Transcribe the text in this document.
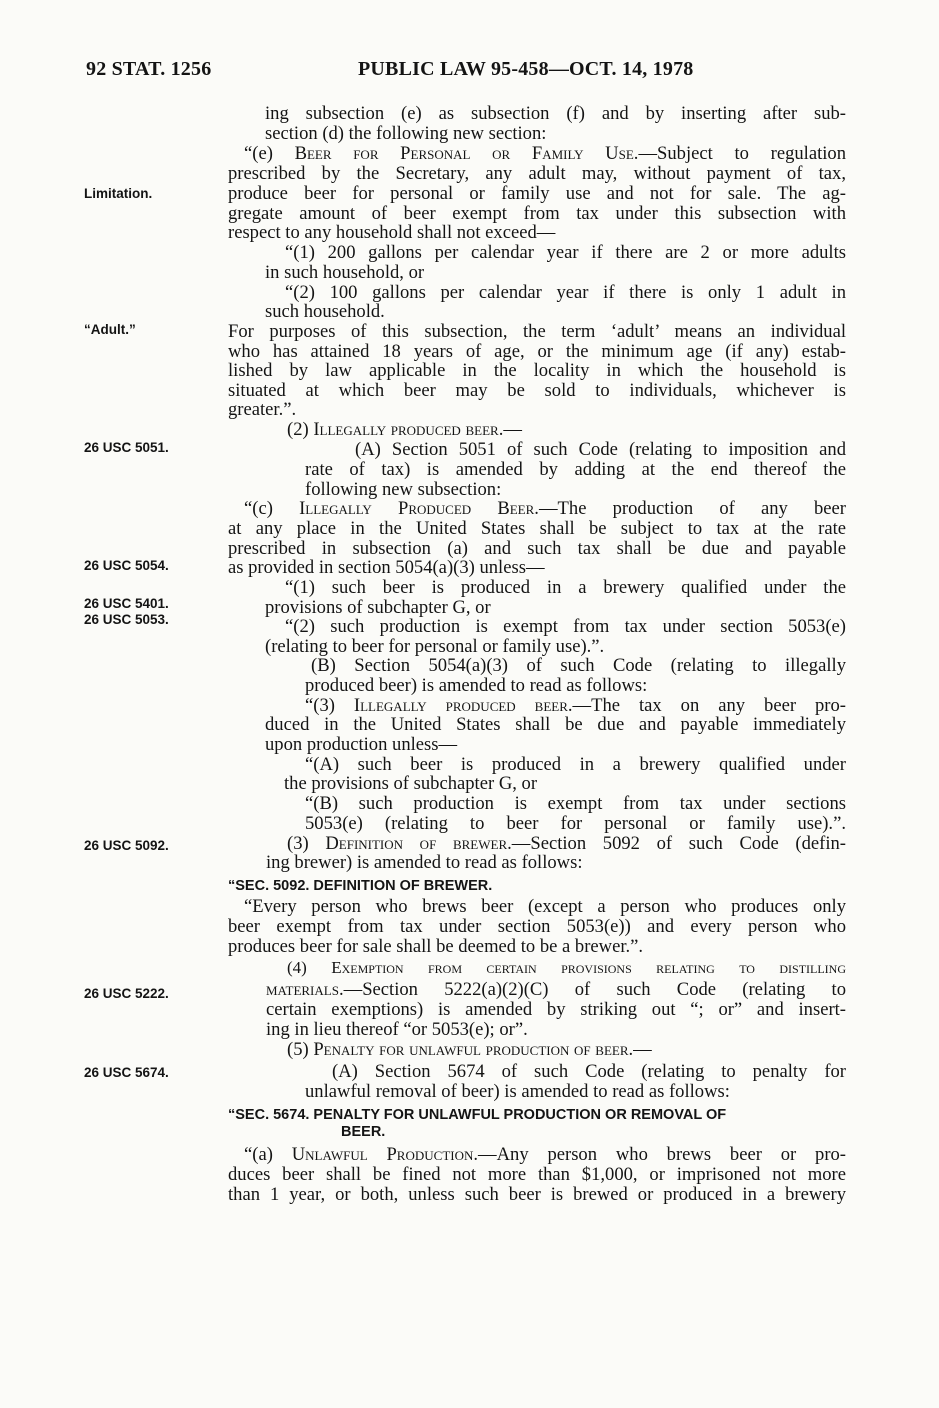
92 STAT. 1256	PUBLIC LAW 95-458—OCT. 14, 1978
Limitation.
“Adult.”
26 USC 5051.
26 USC 5054.
26 USC 5401.
26 USC 5053.
26 USC 5092.
26 USC 5222.
26 USC 5674.
ing subsection (e) as subsection (f) and by inserting after sub-
section (d) the following new section:
“(e) Beer for Personal or Family Use.—Subject to regulation
prescribed by the Secretary, any adult may, without payment of tax,
produce beer for personal or family use and not for sale. The ag-
gregate amount of beer exempt from tax under this subsection with
respect to any household shall not exceed—
“(1) 200 gallons per calendar year if there are 2 or more adults
in such household, or
“(2) 100 gallons per calendar year if there is only 1 adult in
such household.
For purposes of this subsection, the term ‘adult’ means an individual
who has attained 18 years of age, or the minimum age (if any) estab-
lished by law applicable in the locality in which the household is
situated at which beer may be sold to individuals, whichever is
greater.”.
(2) Illegally produced beer.—
(A) Section 5051 of such Code (relating to imposition and
rate of tax) is amended by adding at the end thereof the
following new subsection:
“(c) Illegally Produced Beer.—The production of any beer
at any place in the United States shall be subject to tax at the rate
prescribed in subsection (a) and such tax shall be due and payable
as provided in section 5054(a)(3) unless—
“(1) such beer is produced in a brewery qualified under the
provisions of subchapter G, or
“(2) such production is exempt from tax under section 5053(e)
(relating to beer for personal or family use).”.
(B) Section 5054(a)(3) of such Code (relating to illegally
produced beer) is amended to read as follows:
“(3) Illegally produced beer.—The tax on any beer pro-
duced in the United States shall be due and payable immediately
upon production unless—
“(A) such beer is produced in a brewery qualified under
the provisions of subchapter G, or
“(B) such production is exempt from tax under sections
5053(e) (relating to beer for personal or family use).”.
(3) Definition of brewer.—Section 5092 of such Code (defin-
ing brewer) is amended to read as follows:
“SEC. 5092. DEFINITION OF BREWER.
“Every person who brews beer (except a person who produces only
beer exempt from tax under section 5053(e)) and every person who
produces beer for sale shall be deemed to be a brewer.”.
(4) Exemption from certain provisions relating to distilling
materials.—Section 5222(a)(2)(C) of such Code (relating to
certain exemptions) is amended by striking out “; or” and insert-
ing in lieu thereof “or 5053(e); or”.
(5) Penalty for unlawful production of beer.—
(A) Section 5674 of such Code (relating to penalty for
unlawful removal of beer) is amended to read as follows:
“SEC. 5674. PENALTY FOR UNLAWFUL PRODUCTION OR REMOVAL OF
BEER.
“(a) Unlawful Production.—Any person who brews beer or pro-
duces beer shall be fined not more than $1,000, or imprisoned not more
than 1 year, or both, unless such beer is brewed or produced in a brewery
